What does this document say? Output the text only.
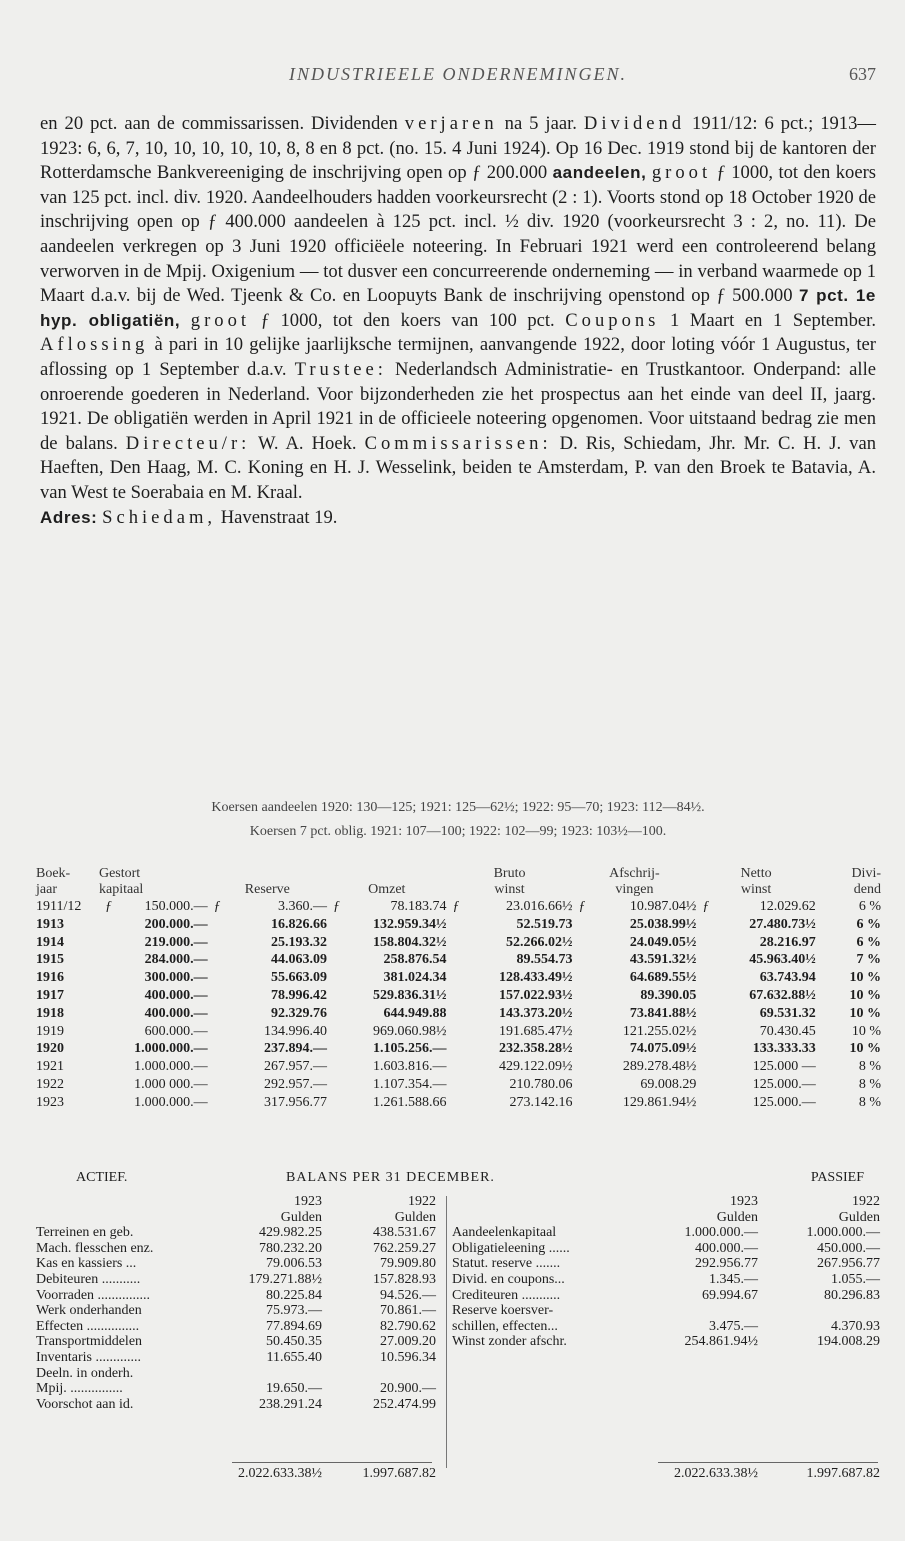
INDUSTRIEELE ONDERNEMINGEN.	637

en 20 pct. aan de commissarissen. Dividenden verjaren na 5 jaar. Dividend 1911/12: 6 pct.; 1913—1923: 6, 6, 7, 10, 10, 10, 10, 10, 8, 8 en 8 pct. (no. 15. 4 Juni 1924). Op 16 Dec. 1919 stond bij de kantoren der Rotterdamsche Bankvereeniging de inschrijving open op ƒ 200.000 aandeelen, groot ƒ 1000, tot den koers van 125 pct. incl. div. 1920. Aandeelhouders hadden voorkeursrecht (2 : 1). Voorts stond op 18 October 1920 de inschrijving open op ƒ 400.000 aandeelen à 125 pct. incl. ½ div. 1920 (voorkeursrecht 3 : 2, no. 11). De aandeelen verkregen op 3 Juni 1920 officiëele noteering. In Februari 1921 werd een controleerend belang verworven in de Mpij. Oxigenium — tot dusver een concurreerende onderneming — in verband waarmede op 1 Maart d.a.v. bij de Wed. Tjeenk & Co. en Loopuyts Bank de inschrijving openstond op ƒ 500.000 7 pct. 1e hyp. obligatiën, groot ƒ 1000, tot den koers van 100 pct. Coupons 1 Maart en 1 September. Aflossing à pari in 10 gelijke jaarlijksche termijnen, aanvangende 1922, door loting vóór 1 Augustus, ter aflossing op 1 September d.a.v. Trustee: Nederlandsch Administratie- en Trustkantoor. Onderpand: alle onroerende goederen in Nederland. Voor bijzonderheden zie het prospectus aan het einde van deel II, jaarg. 1921. De obligatiën werden in April 1921 in de officieele noteering opgenomen. Voor uitstaand bedrag zie men de balans. Directeu/r: W. A. Hoek. Commissarissen: D. Ris, Schiedam, Jhr. Mr. C. H. J. van Haeften, Den Haag, M. C. Koning en H. J. Wesselink, beiden te Amsterdam, P. van den Broek te Batavia, A. van West te Soerabaia en M. Kraal.

Adres: Schiedam, Havenstraat 19.

Koersen aandeelen 1920: 130—125; 1921: 125—62½; 1922: 95—70; 1923: 112—84½.
Koersen 7 pct. oblig. 1921: 107—100; 1922: 102—99; 1923: 103½—100.
Boek-
jaar	Gestort
kapitaal		Reserve		Omzet		Bruto
winst		Afschrij-
vingen		Netto
winst		Divi-
dend
1911/12	ƒ	150.000.—	ƒ	3.360.—	ƒ	78.183.74	ƒ	23.016.66½	ƒ	10.987.04½	ƒ	12.029.62	6 %
1913		200.000.—		16.826.66		132.959.34½		52.519.73		25.038.99½		27.480.73½	6 %
1914		219.000.—		25.193.32		158.804.32½		52.266.02½		24.049.05½		28.216.97	6 %
1915		284.000.—		44.063.09		258.876.54		89.554.73		43.591.32½		45.963.40½	7 %
1916		300.000.—		55.663.09		381.024.34		128.433.49½		64.689.55½		63.743.94	10 %
1917		400.000.—		78.996.42		529.836.31½		157.022.93½		89.390.05		67.632.88½	10 %
1918		400.000.—		92.329.76		644.949.88		143.373.20½		73.841.88½		69.531.32	10 %
1919		600.000.—		134.996.40		969.060.98½		191.685.47½		121.255.02½		70.430.45	10 %
1920		1.000.000.—		237.894.—		1.105.256.—		232.358.28½		74.075.09½		133.333.33	10 %
1921		1.000.000.—		267.957.—		1.603.816.—		429.122.09½		289.278.48½		125.000 —	8 %
1922		1.000 000.—		292.957.—		1.107.354.—		210.780.06		69.008.29		125.000.—	8 %
1923		1.000.000.—		317.956.77		1.261.588.66		273.142.16		129.861.94½		125.000.—	8 %
ACTIEF.	BALANS PER 31 DECEMBER.	PASSIEF
	1923	1922
	Gulden	Gulden
Terreinen en geb.	429.982.25	438.531.67
Mach. flesschen enz.	780.232.20	762.259.27
Kas en kassiers ...	79.006.53	79.909.80
Debiteuren ...........	179.271.88½	157.828.93
Voorraden ...............	80.225.84	94.526.—
Werk onderhanden	75.973.—	70.861.—
Effecten ...............	77.894.69	82.790.62
Transportmiddelen	50.450.35	27.009.20
Inventaris .............	11.655.40	10.596.34
Deeln. in onderh.		
Mpij. ...............	19.650.—	20.900.—
Voorschot aan id.	238.291.24	252.474.99
	1923	1922
	Gulden	Gulden
Aandeelenkapitaal	1.000.000.—	1.000.000.—
Obligatieleening ......	400.000.—	450.000.—
Statut. reserve .......	292.956.77	267.956.77
Divid. en coupons...	1.345.—	1.055.—
Crediteuren ...........	69.994.67	80.296.83
Reserve koersver-		
schillen, effecten...	3.475.—	4.370.93
Winst zonder afschr.	254.861.94½	194.008.29
2.022.633.38½	1.997.687.82	2.022.633.38½	1.997.687.82
